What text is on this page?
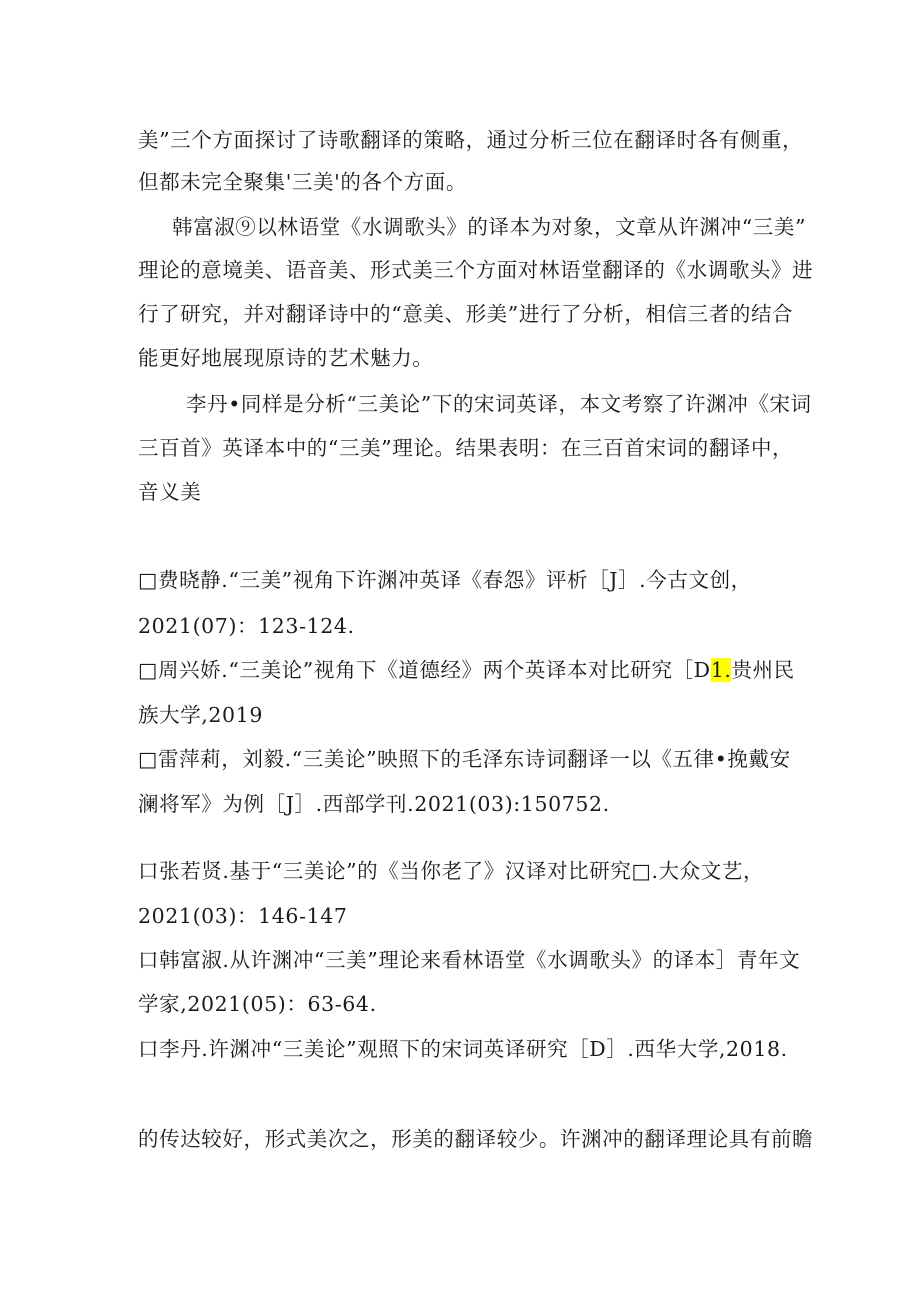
美”三个方面探讨了诗歌翻译的策略，通过分析三位在翻译时各有侧重，
但都未完全聚集'三美'的各个方面。
韩富淑⑨以林语堂《水调歌头》的译本为对象，文章从许渊冲“三美”
理论的意境美、语音美、形式美三个方面对林语堂翻译的《水调歌头》进
行了研究，并对翻译诗中的“意美、形美”进行了分析，相信三者的结合
能更好地展现原诗的艺术魅力。
李丹•同样是分析“三美论”下的宋词英译，本文考察了许渊冲《宋词
三百首》英译本中的“三美”理论。结果表明：在三百首宋词的翻译中，
音义美
□费晓静.“三美”视角下许渊冲英译《春怨》评析［J］.今古文创，
2021(07)：123-124.
□周兴娇.“三美论”视角下《道德经》两个英译本对比研究［D1.贵州民
族大学,2019
□雷萍莉，刘毅.“三美论”映照下的毛泽东诗词翻译一以《五律•挽戴安
澜将军》为例［J］.西部学刊.2021(03):150752.
口张若贤.基于“三美论”的《当你老了》汉译对比研究□.大众文艺，
2021(03)：146-147
口韩富淑.从许渊冲“三美”理论来看林语堂《水调歌头》的译本］青年文
学家,2021(05)：63-64.
口李丹.许渊冲“三美论”观照下的宋词英译研究［D］.西华大学,2018.
的传达较好，形式美次之，形美的翻译较少。许渊冲的翻译理论具有前瞻
